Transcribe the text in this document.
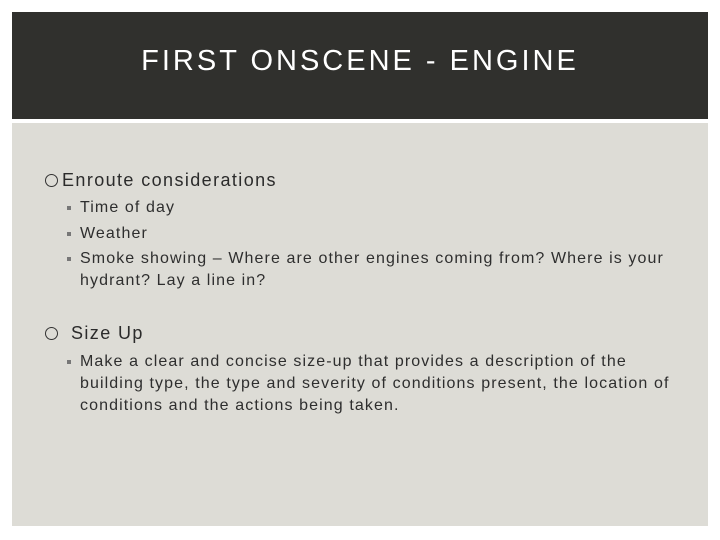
FIRST ONSCENE - ENGINE
Enroute considerations
Time of day
Weather
Smoke showing – Where are other engines coming from? Where is your hydrant? Lay a line in?
Size Up
Make a clear and concise size-up that provides a description of the building type, the type and severity of conditions present, the location of conditions and the actions being taken.
